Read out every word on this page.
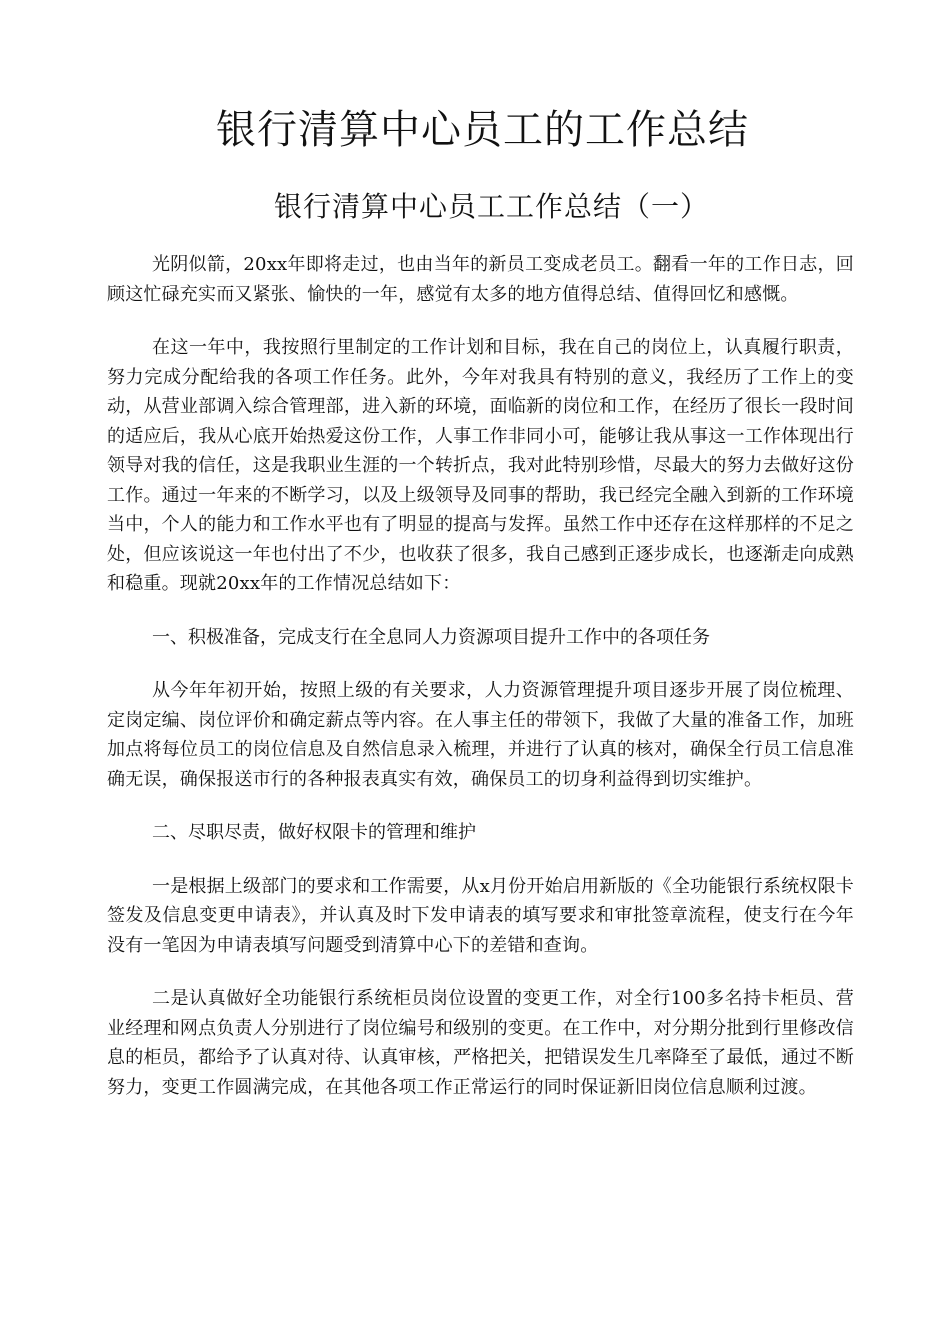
银行清算中心员工的工作总结
银行清算中心员工工作总结（一）

光阴似箭，20xx年即将走过，也由当年的新员工变成老员工。翻看一年的工作日志，回顾这忙碌充实而又紧张、愉快的一年，感觉有太多的地方值得总结、值得回忆和感慨。

在这一年中，我按照行里制定的工作计划和目标，我在自己的岗位上，认真履行职责，努力完成分配给我的各项工作任务。此外，今年对我具有特别的意义，我经历了工作上的变动，从营业部调入综合管理部，进入新的环境，面临新的岗位和工作，在经历了很长一段时间的适应后，我从心底开始热爱这份工作，人事工作非同小可，能够让我从事这一工作体现出行领导对我的信任，这是我职业生涯的一个转折点，我对此特别珍惜，尽最大的努力去做好这份工作。通过一年来的不断学习，以及上级领导及同事的帮助，我已经完全融入到新的工作环境当中，个人的能力和工作水平也有了明显的提高与发挥。虽然工作中还存在这样那样的不足之处，但应该说这一年也付出了不少，也收获了很多，我自己感到正逐步成长，也逐渐走向成熟和稳重。现就20xx年的工作情况总结如下：

一、积极准备，完成支行在全息同人力资源项目提升工作中的各项任务

从今年年初开始，按照上级的有关要求，人力资源管理提升项目逐步开展了岗位梳理、定岗定编、岗位评价和确定薪点等内容。在人事主任的带领下，我做了大量的准备工作，加班加点将每位员工的岗位信息及自然信息录入梳理，并进行了认真的核对，确保全行员工信息准确无误，确保报送市行的各种报表真实有效，确保员工的切身利益得到切实维护。

二、尽职尽责，做好权限卡的管理和维护

一是根据上级部门的要求和工作需要，从x月份开始启用新版的《全功能银行系统权限卡签发及信息变更申请表》，并认真及时下发申请表的填写要求和审批签章流程，使支行在今年没有一笔因为申请表填写问题受到清算中心下的差错和查询。

二是认真做好全功能银行系统柜员岗位设置的变更工作，对全行100多名持卡柜员、营业经理和网点负责人分别进行了岗位编号和级别的变更。在工作中，对分期分批到行里修改信息的柜员，都给予了认真对待、认真审核，严格把关，把错误发生几率降至了最低，通过不断努力，变更工作圆满完成，在其他各项工作正常运行的同时保证新旧岗位信息顺利过渡。
